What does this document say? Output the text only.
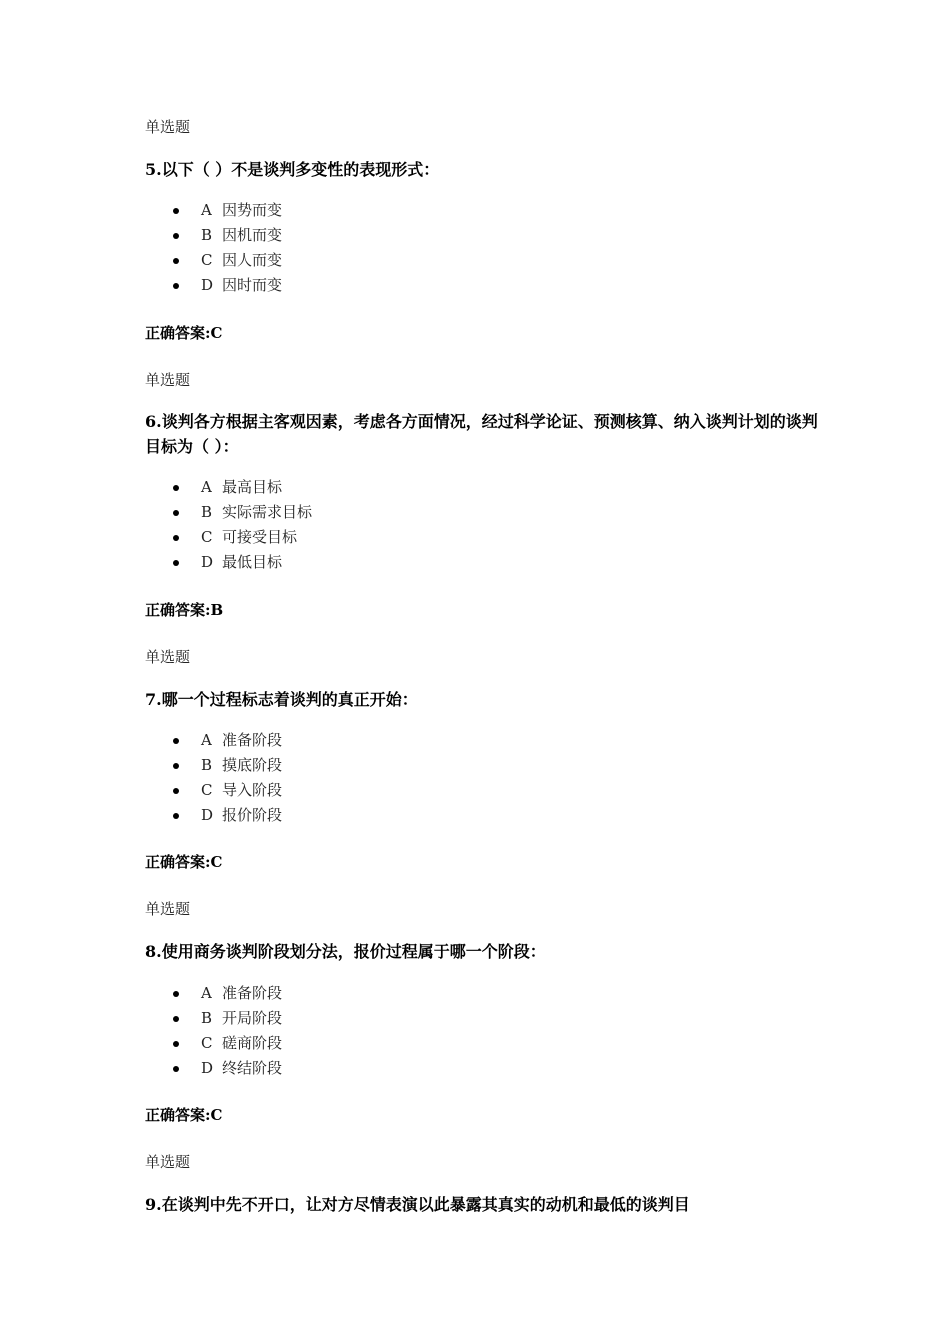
单选题
5.以下（ ）不是谈判多变性的表现形式：
A 因势而变
B 因机而变
C 因人而变
D 因时而变
正确答案:C
单选题
6.谈判各方根据主客观因素，考虑各方面情况，经过科学论证、预测核算、纳入谈判计划的谈判目标为（ ）：
A 最高目标
B 实际需求目标
C 可接受目标
D 最低目标
正确答案:B
单选题
7.哪一个过程标志着谈判的真正开始：
A 准备阶段
B 摸底阶段
C 导入阶段
D 报价阶段
正确答案:C
单选题
8.使用商务谈判阶段划分法，报价过程属于哪一个阶段：
A 准备阶段
B 开局阶段
C 磋商阶段
D 终结阶段
正确答案:C
单选题
9.在谈判中先不开口，让对方尽情表演以此暴露其真实的动机和最低的谈判目
